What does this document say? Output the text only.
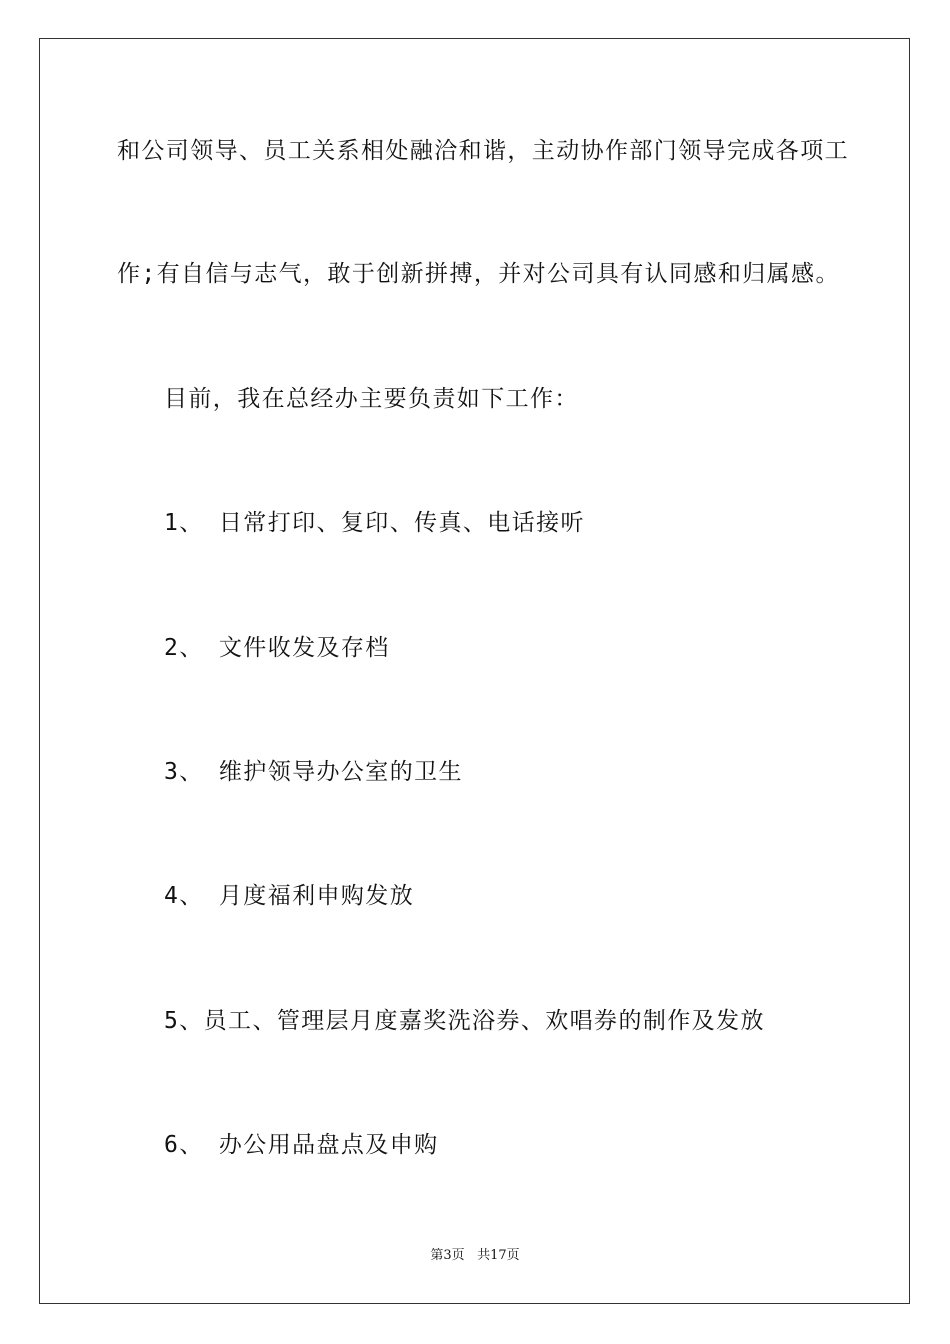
和公司领导、员工关系相处融洽和谐，主动协作部门领导完成各项工
作;有自信与志气，敢于创新拼搏，并对公司具有认同感和归属感。
目前，我在总经办主要负责如下工作：
1、 日常打印、复印、传真、电话接听
2、 文件收发及存档
3、 维护领导办公室的卫生
4、 月度福利申购发放
5、员工、管理层月度嘉奖洗浴券、欢唱券的制作及发放
6、 办公用品盘点及申购
第3页 共17页
